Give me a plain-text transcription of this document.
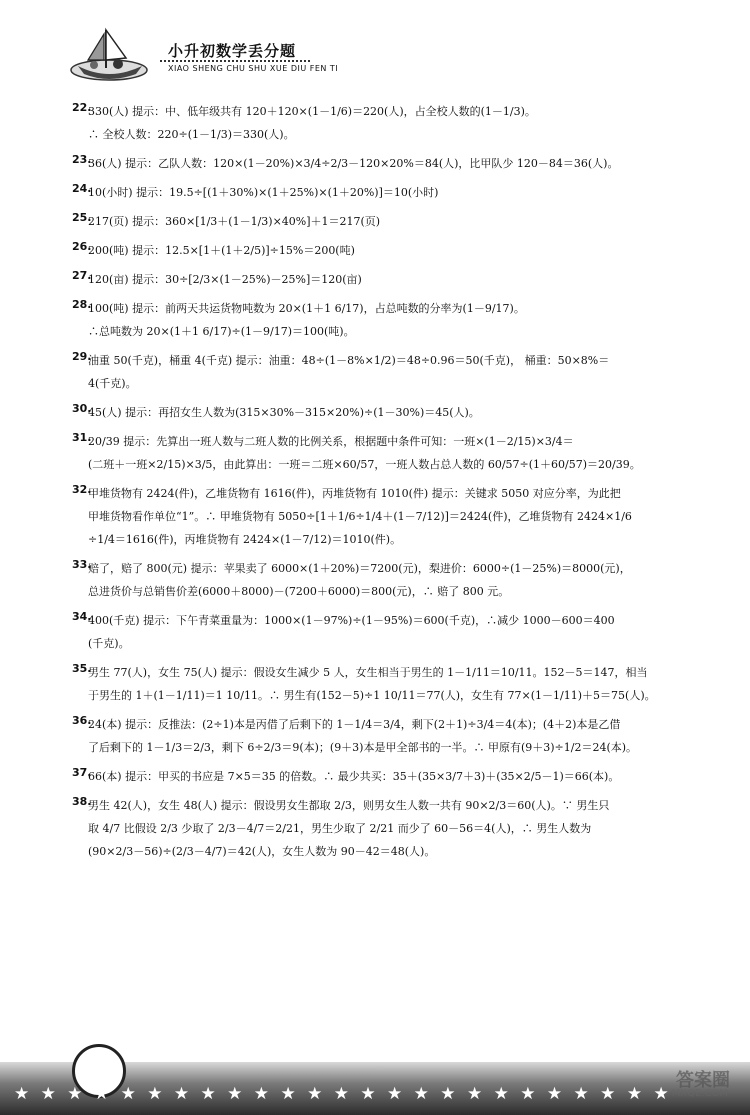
小升初数学丢分题
XIAO SHENG CHU SHU XUE DIU FEN TI
22.
330(人) 提示：中、低年级共有 120＋120×(1－1/6)＝220(人)，占全校人数的(1－1/3)。
∴ 全校人数：220÷(1－1/3)＝330(人)。
23.
36(人) 提示：乙队人数：120×(1－20%)×3/4÷2/3－120×20%＝84(人)，比甲队少 120－84＝36(人)。
24.
10(小时) 提示：19.5÷[(1＋30%)×(1＋25%)×(1＋20%)]＝10(小时)
25.
217(页) 提示：360×[1/3＋(1－1/3)×40%]＋1＝217(页)
26.
200(吨) 提示：12.5×[1＋(1＋2/5)]÷15%＝200(吨)
27.
120(亩) 提示：30÷[2/3×(1－25%)－25%]＝120(亩)
28.
100(吨) 提示：前两天共运货物吨数为 20×(1＋1 6/17)，占总吨数的分率为(1－9/17)。
∴总吨数为 20×(1＋1 6/17)÷(1－9/17)＝100(吨)。
29.
油重 50(千克)，桶重 4(千克) 提示：油重：48÷(1－8%×1/2)＝48÷0.96＝50(千克)， 桶重：50×8%＝
4(千克)。
30.
45(人) 提示：再招女生人数为(315×30%－315×20%)÷(1－30%)＝45(人)。
31.
20/39 提示：先算出一班人数与二班人数的比例关系，根据题中条件可知：一班×(1－2/15)×3/4＝
(二班＋一班×2/15)×3/5，由此算出：一班＝二班×60/57，一班人数占总人数的 60/57÷(1＋60/57)＝20/39。
32.
甲堆货物有 2424(件)，乙堆货物有 1616(件)，丙堆货物有 1010(件) 提示：关键求 5050 对应分率，为此把
甲堆货物看作单位“1”。∴ 甲堆货物有 5050÷[1＋1/6÷1/4＋(1－7/12)]＝2424(件)，乙堆货物有 2424×1/6
÷1/4＝1616(件)，丙堆货物有 2424×(1－7/12)＝1010(件)。
33.
赔了，赔了 800(元) 提示：苹果卖了 6000×(1＋20%)＝7200(元)，梨进价：6000÷(1－25%)＝8000(元)，
总进货价与总销售价差(6000＋8000)－(7200＋6000)＝800(元)，∴ 赔了 800 元。
34.
400(千克) 提示：下午青菜重量为：1000×(1－97%)÷(1－95%)＝600(千克)，∴减少 1000－600＝400
(千克)。
35.
男生 77(人)，女生 75(人) 提示：假设女生减少 5 人，女生相当于男生的 1－1/11＝10/11。152－5＝147，相当
于男生的 1＋(1－1/11)＝1 10/11。∴ 男生有(152－5)÷1 10/11＝77(人)，女生有 77×(1－1/11)＋5＝75(人)。
36.
24(本) 提示：反推法：(2÷1)本是丙借了后剩下的 1－1/4＝3/4，剩下(2＋1)÷3/4＝4(本)；(4＋2)本是乙借
了后剩下的 1－1/3＝2/3，剩下 6÷2/3＝9(本)；(9＋3)本是甲全部书的一半。∴ 甲原有(9＋3)÷1/2＝24(本)。
37.
66(本) 提示：甲买的书应是 7×5＝35 的倍数。∴ 最少共买：35＋(35×3/7＋3)＋(35×2/5－1)＝66(本)。
38.
男生 42(人)，女生 48(人) 提示：假设男女生都取 2/3，则男女生人数一共有 90×2/3＝60(人)。∵ 男生只
取 4/7 比假设 2/3 少取了 2/3－4/7＝2/21，男生少取了 2/21 而少了 60－56＝4(人)，∴ 男生人数为
(90×2/3－56)÷(2/3－4/7)＝42(人)，女生人数为 90－42＝48(人)。
★ ★ ★ ★ ★ ★ ★ ★ ★ ★ ★ ★ ★ ★ ★ ★ ★ ★ ★ ★ ★ ★ ★ ★ ★
答案圈
MXQE.COM
